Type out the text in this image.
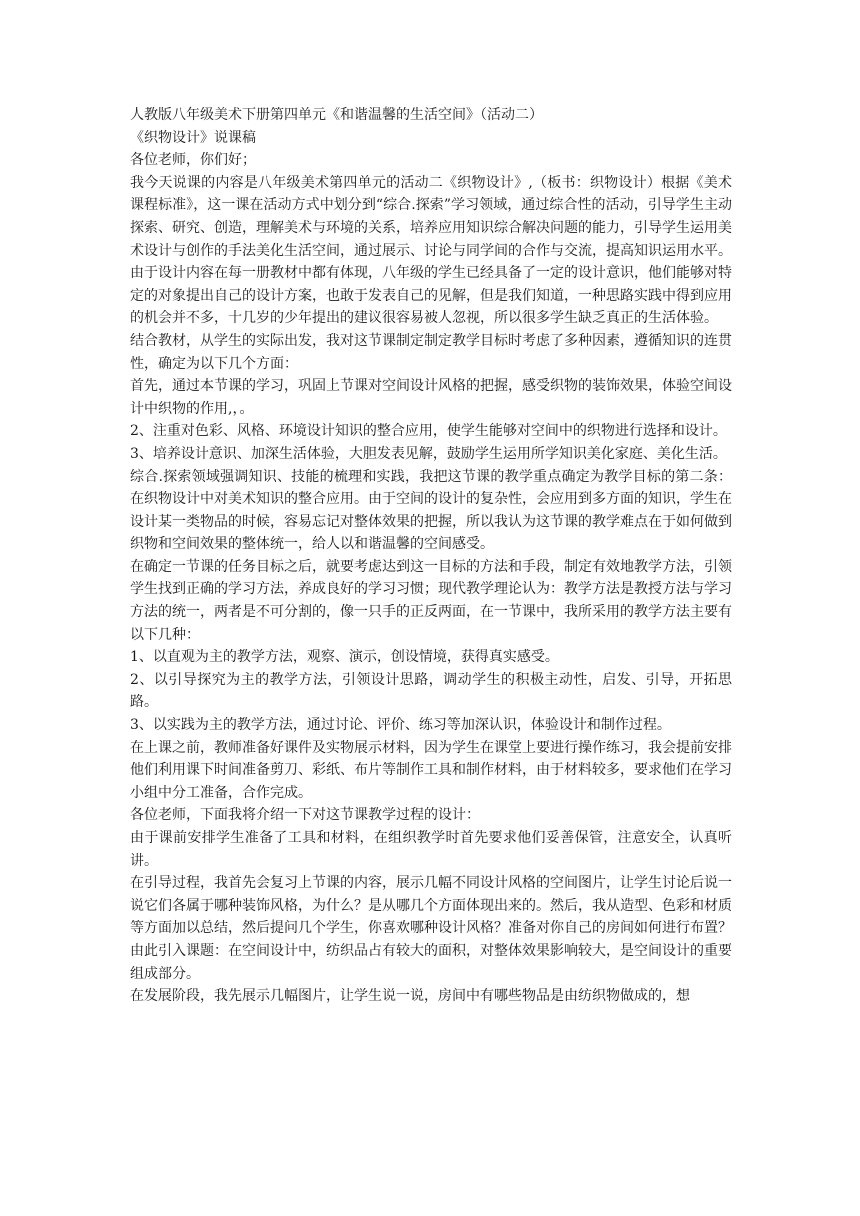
人教版八年级美术下册第四单元《和谐温馨的生活空间》（活动二）

《织物设计》说课稿

各位老师，你们好；

我今天说课的内容是八年级美术第四单元的活动二《织物设计》,（板书：织物设计）根据《美术课程标准》，这一课在活动方式中划分到“综合.探索”学习领域，通过综合性的活动，引导学生主动探索、研究、创造，理解美术与环境的关系，培养应用知识综合解决问题的能力，引导学生运用美术设计与创作的手法美化生活空间，通过展示、讨论与同学间的合作与交流，提高知识运用水平。

由于设计内容在每一册教材中都有体现，八年级的学生已经具备了一定的设计意识，他们能够对特定的对象提出自己的设计方案，也敢于发表自己的见解，但是我们知道，一种思路实践中得到应用的机会并不多，十几岁的少年提出的建议很容易被人忽视，所以很多学生缺乏真正的生活体验。

结合教材，从学生的实际出发，我对这节课制定制定教学目标时考虑了多种因素，遵循知识的连贯性，确定为以下几个方面：

首先，通过本节课的学习，巩固上节课对空间设计风格的把握，感受织物的装饰效果，体验空间设计中织物的作用,，。

2、注重对色彩、风格、环境设计知识的整合应用，使学生能够对空间中的织物进行选择和设计。

3、培养设计意识、加深生活体验，大胆发表见解，鼓励学生运用所学知识美化家庭、美化生活。

综合.探索领域强调知识、技能的梳理和实践，我把这节课的教学重点确定为教学目标的第二条：在织物设计中对美术知识的整合应用。由于空间的设计的复杂性，会应用到多方面的知识，学生在设计某一类物品的时候，容易忘记对整体效果的把握，所以我认为这节课的教学难点在于如何做到织物和空间效果的整体统一，给人以和谐温馨的空间感受。

在确定一节课的任务目标之后，就要考虑达到这一目标的方法和手段，制定有效地教学方法，引领学生找到正确的学习方法，养成良好的学习习惯；现代教学理论认为：教学方法是教授方法与学习方法的统一，两者是不可分割的，像一只手的正反两面，在一节课中，我所采用的教学方法主要有以下几种：

1、以直观为主的教学方法，观察、演示，创设情境，获得真实感受。

2、以引导探究为主的教学方法，引领设计思路，调动学生的积极主动性，启发、引导，开拓思路。

3、以实践为主的教学方法，通过讨论、评价、练习等加深认识，体验设计和制作过程。

在上课之前，教师准备好课件及实物展示材料，因为学生在课堂上要进行操作练习，我会提前安排他们利用课下时间准备剪刀、彩纸、布片等制作工具和制作材料，由于材料较多，要求他们在学习小组中分工准备，合作完成。

各位老师，下面我将介绍一下对这节课教学过程的设计：

由于课前安排学生准备了工具和材料，在组织教学时首先要求他们妥善保管，注意安全，认真听讲。

在引导过程，我首先会复习上节课的内容，展示几幅不同设计风格的空间图片，让学生讨论后说一说它们各属于哪种装饰风格，为什么？是从哪几个方面体现出来的。然后，我从造型、色彩和材质等方面加以总结，然后提问几个学生，你喜欢哪种设计风格？准备对你自己的房间如何进行布置？由此引入课题：在空间设计中，纺织品占有较大的面积，对整体效果影响较大，是空间设计的重要组成部分。

在发展阶段，我先展示几幅图片，让学生说一说，房间中有哪些物品是由纺织物做成的，想
